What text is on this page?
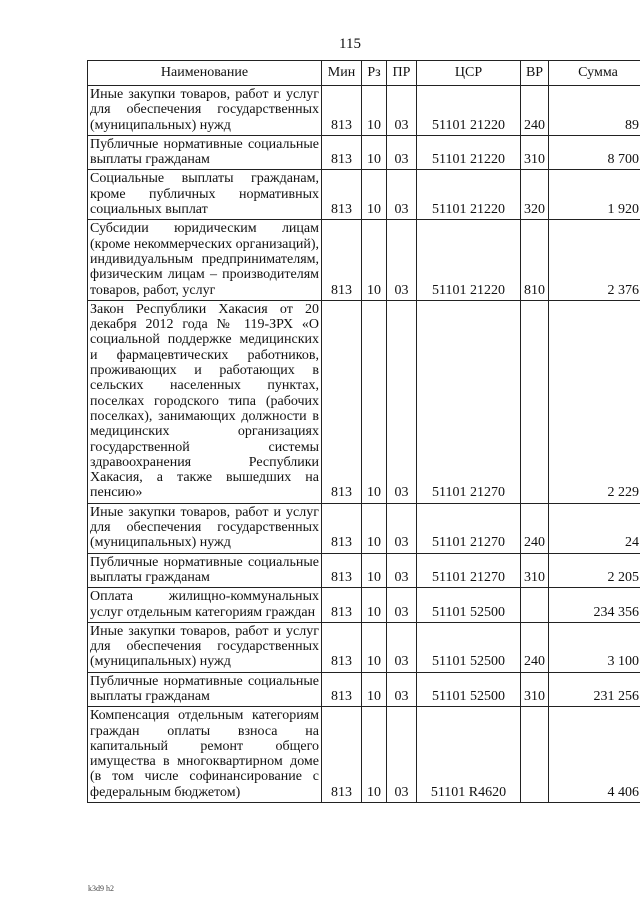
115
Наименование	Мин	Рз	ПР	ЦСР	ВР	Сумма
Иные закупки товаров, работ и услуг для обеспечения государственных (муниципальных) нужд	813	10	03	51101 21220	240	89
Публичные нормативные социальные выплаты гражданам	813	10	03	51101 21220	310	8 700
Социальные выплаты гражданам, кроме публичных нормативных социальных выплат	813	10	03	51101 21220	320	1 920
Субсидии юридическим лицам (кроме некоммерческих организаций), индивидуальным предпринимателям, физическим лицам – производителям товаров, работ, услуг	813	10	03	51101 21220	810	2 376
Закон Республики Хакасия от 20 декабря 2012 года № 119-ЗРХ «О социальной поддержке медицинских и фармацевтических работников, проживающих и работающих в сельских населенных пунктах, поселках городского типа (рабочих поселках), занимающих должности в медицинских организациях государственной системы здравоохранения Республики Хакасия, а также вышедших на пенсию»	813	10	03	51101 21270		2 229
Иные закупки товаров, работ и услуг для обеспечения государственных (муниципальных) нужд	813	10	03	51101 21270	240	24
Публичные нормативные социальные выплаты гражданам	813	10	03	51101 21270	310	2 205
Оплата жилищно-коммунальных услуг отдельным категориям граждан	813	10	03	51101 52500		234 356
Иные закупки товаров, работ и услуг для обеспечения государственных (муниципальных) нужд	813	10	03	51101 52500	240	3 100
Публичные нормативные социальные выплаты гражданам	813	10	03	51101 52500	310	231 256
Компенсация отдельным категориям граждан оплаты взноса на капитальный ремонт общего имущества в многоквартирном доме (в том числе софинансирование с федеральным бюджетом)	813	10	03	51101 R4620		4 406
k3d9 h2
